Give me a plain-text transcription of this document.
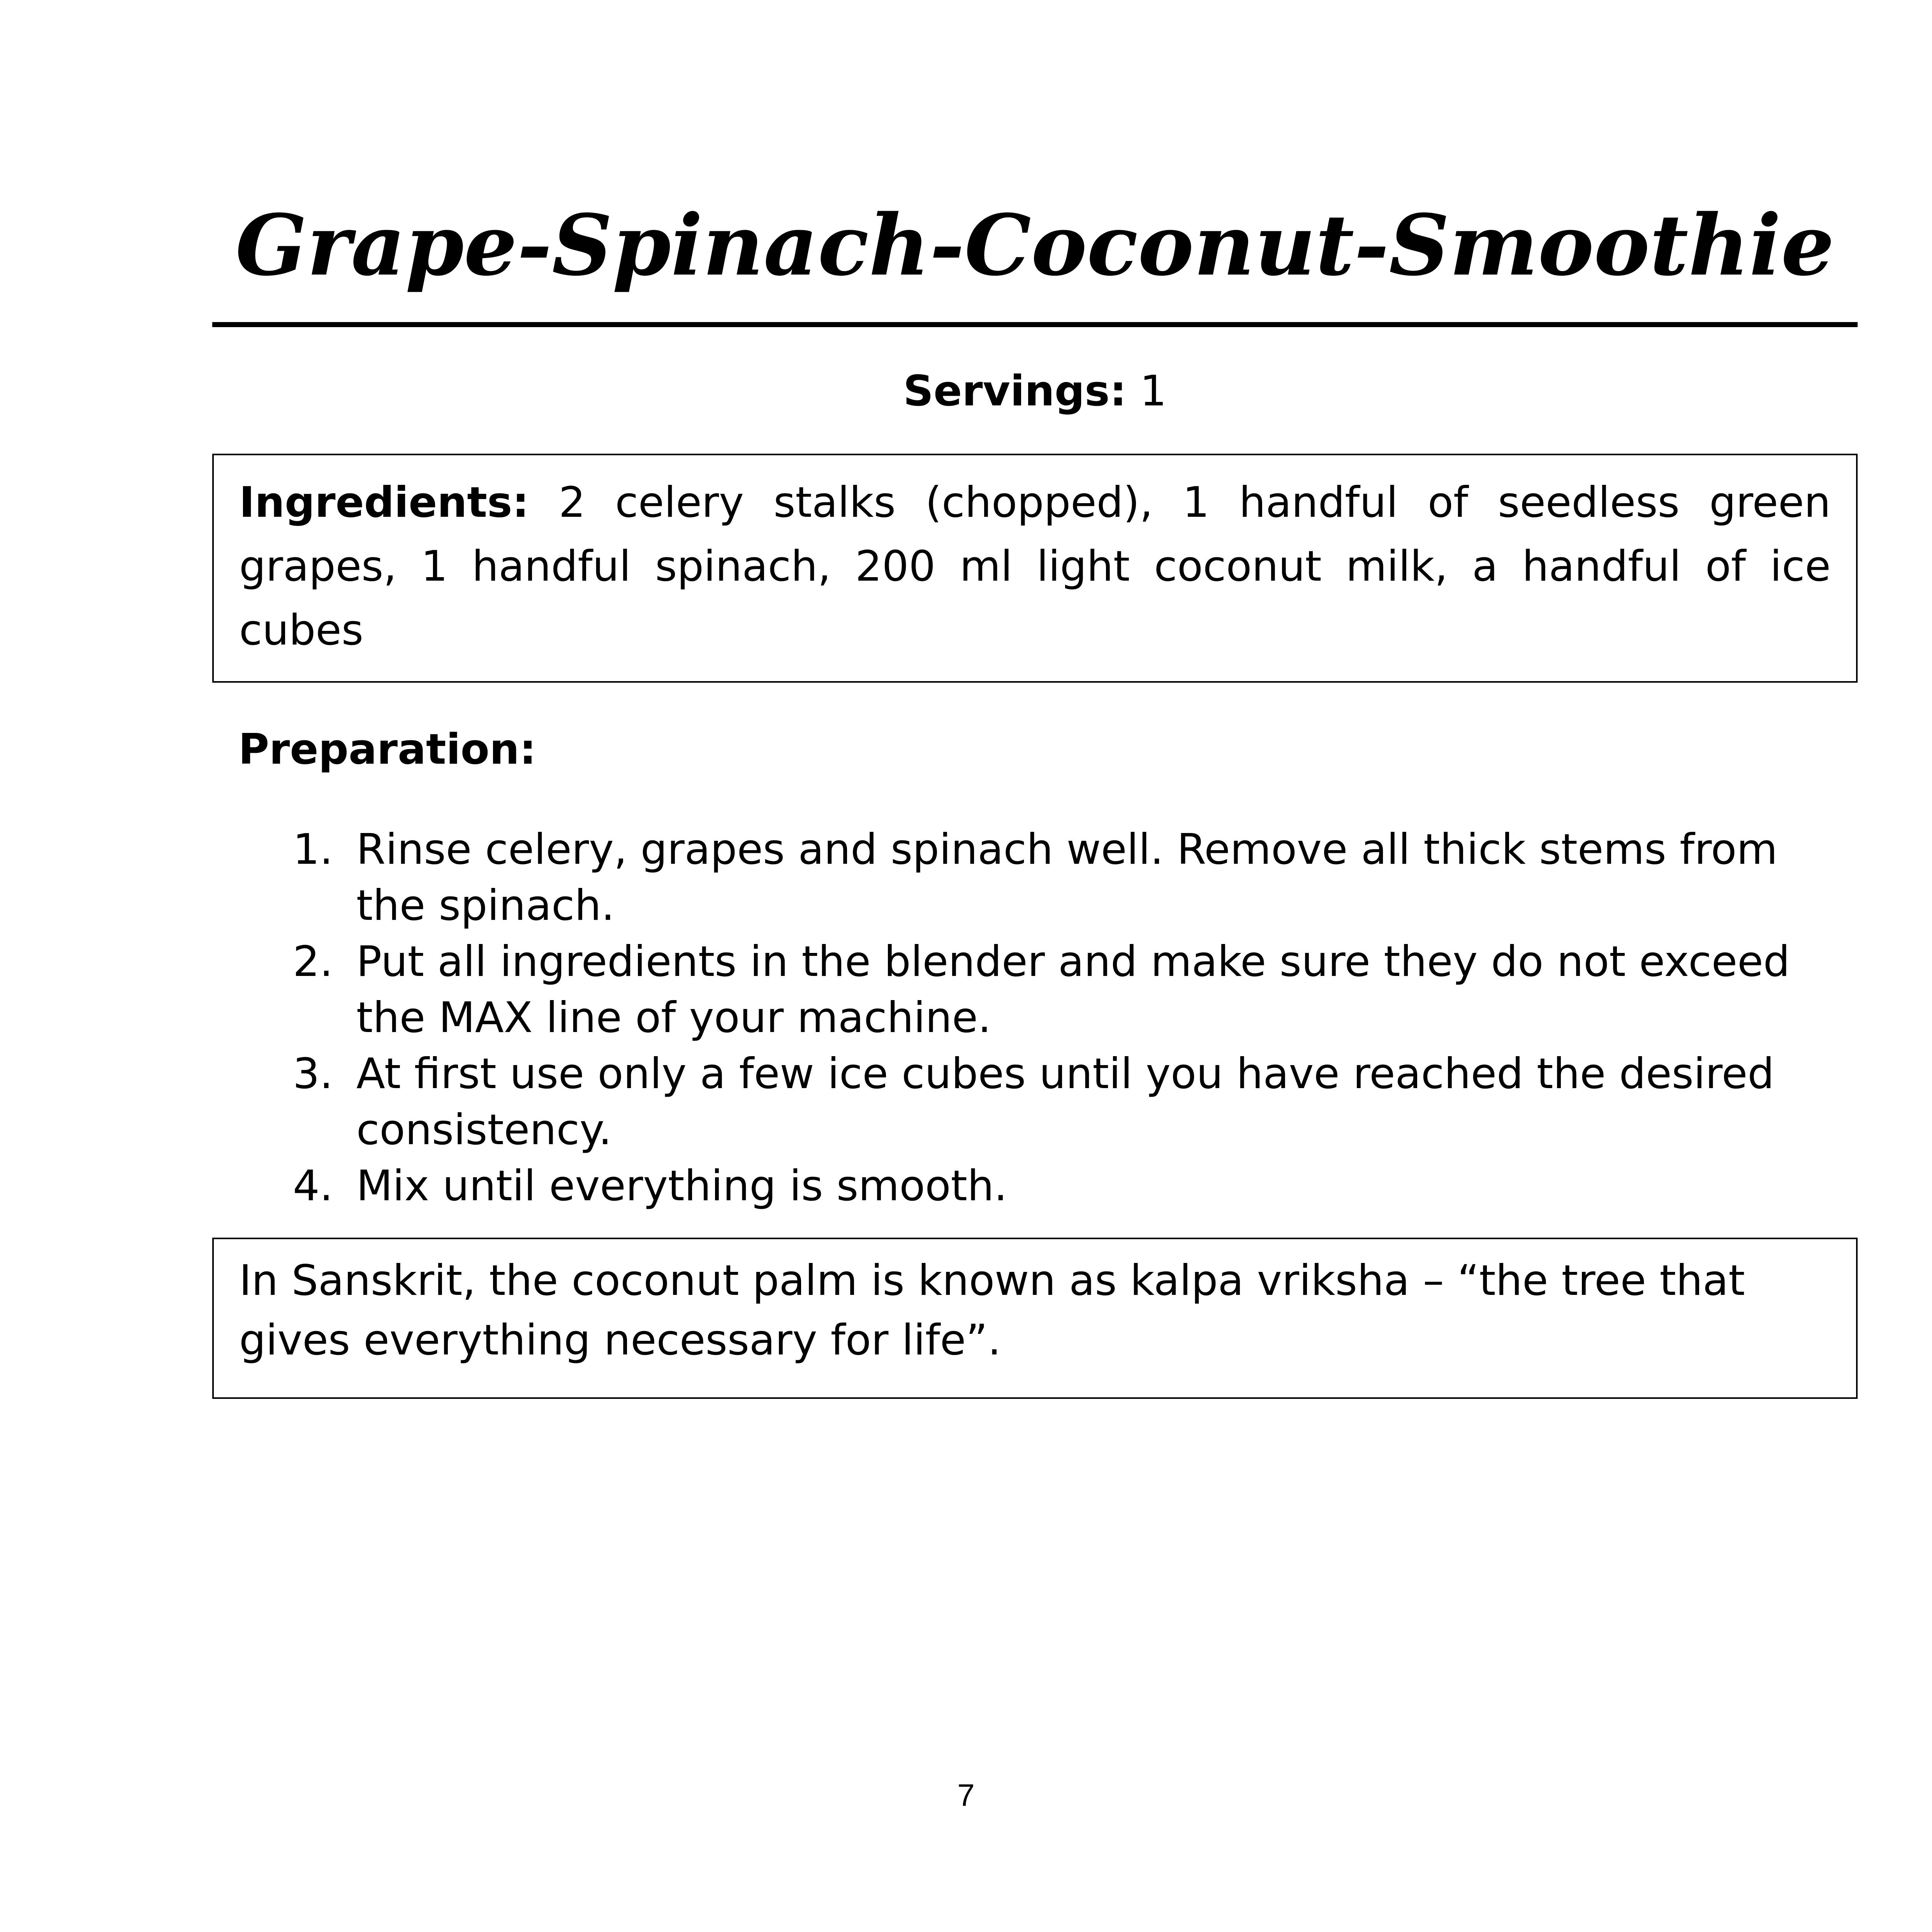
Grape-Spinach-Coconut-Smoothie
Servings: 1

Ingredients: 2 celery stalks (chopped), 1 handful of seedless green grapes, 1 handful spinach, 200 ml light coconut milk, a handful of ice cubes

Preparation:
1. Rinse celery, grapes and spinach well. Remove all thick stems from the spinach.
2. Put all ingredients in the blender and make sure they do not exceed the MAX line of your machine.
3. At first use only a few ice cubes until you have reached the desired consistency.
4. Mix until everything is smooth.

In Sanskrit, the coconut palm is known as kalpa vriksha – “the tree that gives everything necessary for life”.

7
